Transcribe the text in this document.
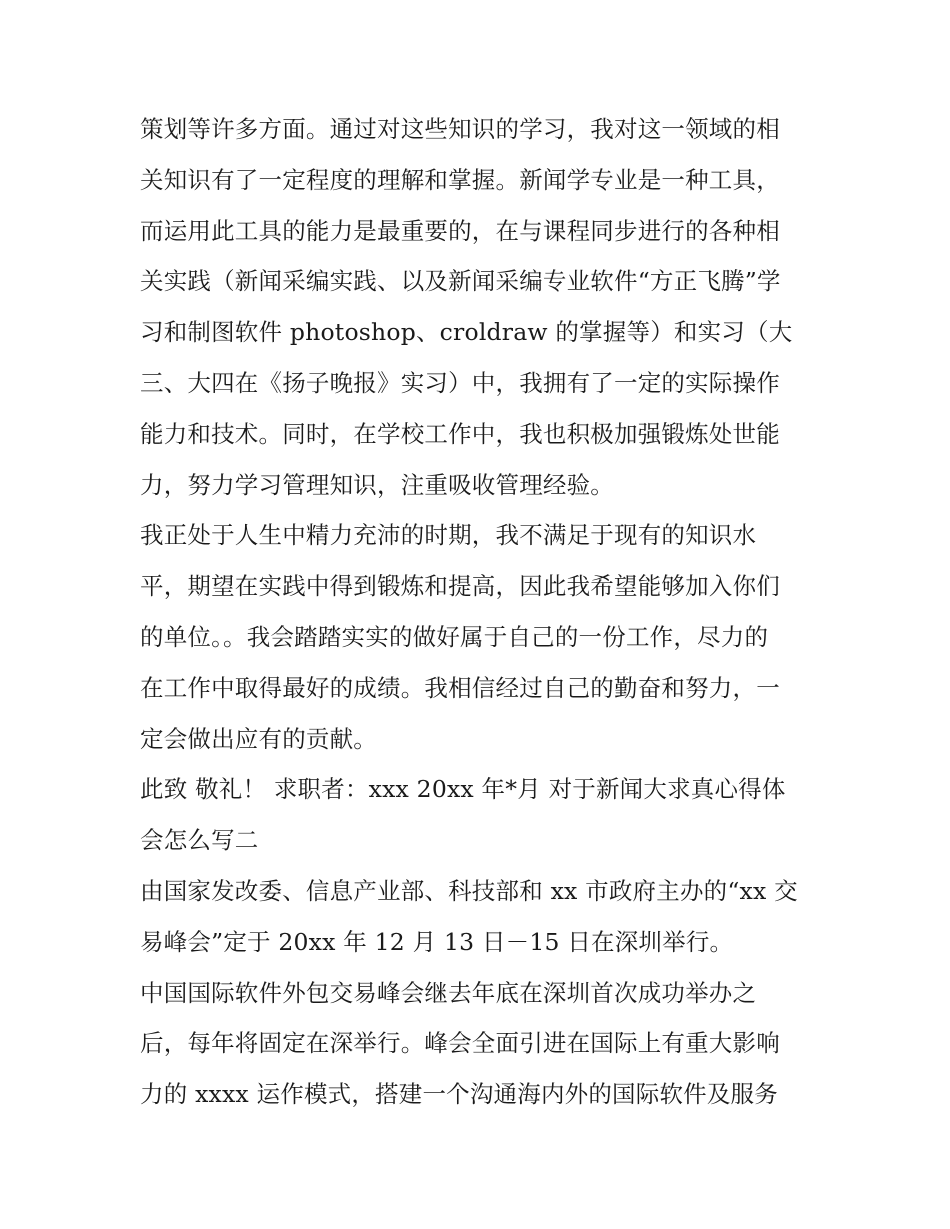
策划等许多方面。通过对这些知识的学习，我对这一领域的相
关知识有了一定程度的理解和掌握。新闻学专业是一种工具，
而运用此工具的能力是最重要的，在与课程同步进行的各种相
关实践（新闻采编实践、以及新闻采编专业软件“方正飞腾”学
习和制图软件 photoshop、croldraw 的掌握等）和实习（大
三、大四在《扬子晚报》实习）中，我拥有了一定的实际操作
能力和技术。同时，在学校工作中，我也积极加强锻炼处世能
力，努力学习管理知识，注重吸收管理经验。
我正处于人生中精力充沛的时期，我不满足于现有的知识水
平，期望在实践中得到锻炼和提高，因此我希望能够加入你们
的单位。。我会踏踏实实的做好属于自己的一份工作，尽力的
在工作中取得最好的成绩。我相信经过自己的勤奋和努力，一
定会做出应有的贡献。
此致 敬礼！ 求职者：xxx 20xx 年*月 对于新闻大求真心得体
会怎么写二
由国家发改委、信息产业部、科技部和 xx 市政府主办的“xx 交
易峰会”定于 20xx 年 12 月 13 日－15 日在深圳举行。
中国国际软件外包交易峰会继去年底在深圳首次成功举办之
后，每年将固定在深举行。峰会全面引进在国际上有重大影响
力的 xxxx 运作模式，搭建一个沟通海内外的国际软件及服务
